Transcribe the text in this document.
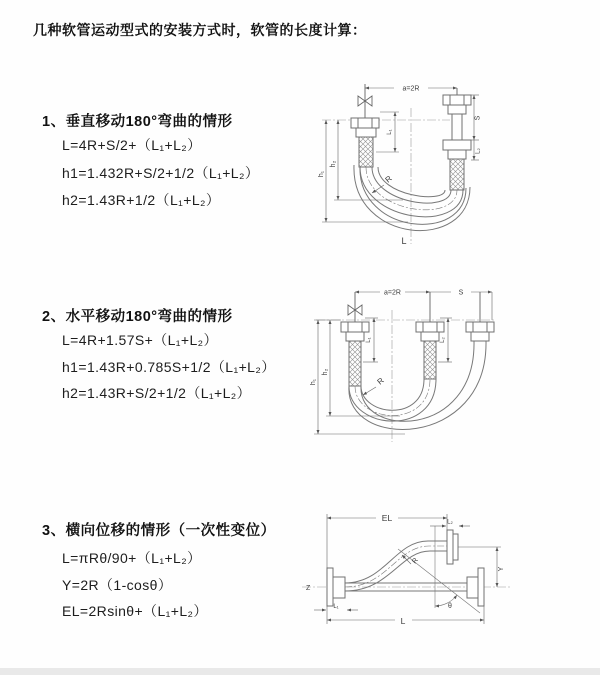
几种软管运动型式的安装方式时，软管的长度计算：
1、垂直移动180°弯曲的情形
L=4R+S/2+（L₁+L₂）
h1=1.432R+S/2+1/2（L₁+L₂）
h2=1.43R+1/2（L₁+L₂）
2、水平移动180°弯曲的情形
L=4R+1.57S+（L₁+L₂）
h1=1.43R+0.785S+1/2（L₁+L₂）
h2=1.43R+S/2+1/2（L₁+L₂）
3、横向位移的情形（一次性变位）
L=πRθ/90+（L₁+L₂）
Y=2R（1-cosθ）
EL=2Rsinθ+（L₁+L₂）
a=2R
h₁
h₂
L₁
S
L₂
R
L
a=2R	S
h₁
h₂
L₁	L₂
R
EL	L₂
Y
L
L₁
R
θ
Z
